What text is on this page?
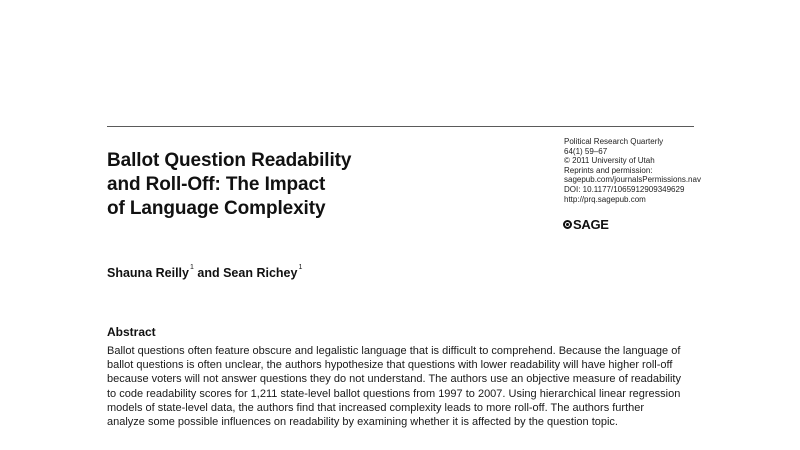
Ballot Question Readability
and Roll-Off: The Impact
of Language Complexity
Political Research Quarterly
64(1) 59–67
© 2011 University of Utah
Reprints and permission:
sagepub.com/journalsPermissions.nav
DOI: 10.1177/1065912909349629
http://prq.sagepub.com
SAGE
Shauna Reilly$^1$ and Sean Richey$^1$
Abstract
Ballot questions often feature obscure and legalistic language that is difficult to comprehend. Because the language of
ballot questions is often unclear, the authors hypothesize that questions with lower readability will have higher roll-off
because voters will not answer questions they do not understand. The authors use an objective measure of readability
to code readability scores for 1,211 state-level ballot questions from 1997 to 2007. Using hierarchical linear regression
models of state-level data, the authors find that increased complexity leads to more roll-off. The authors further
analyze some possible influences on readability by examining whether it is affected by the question topic.
